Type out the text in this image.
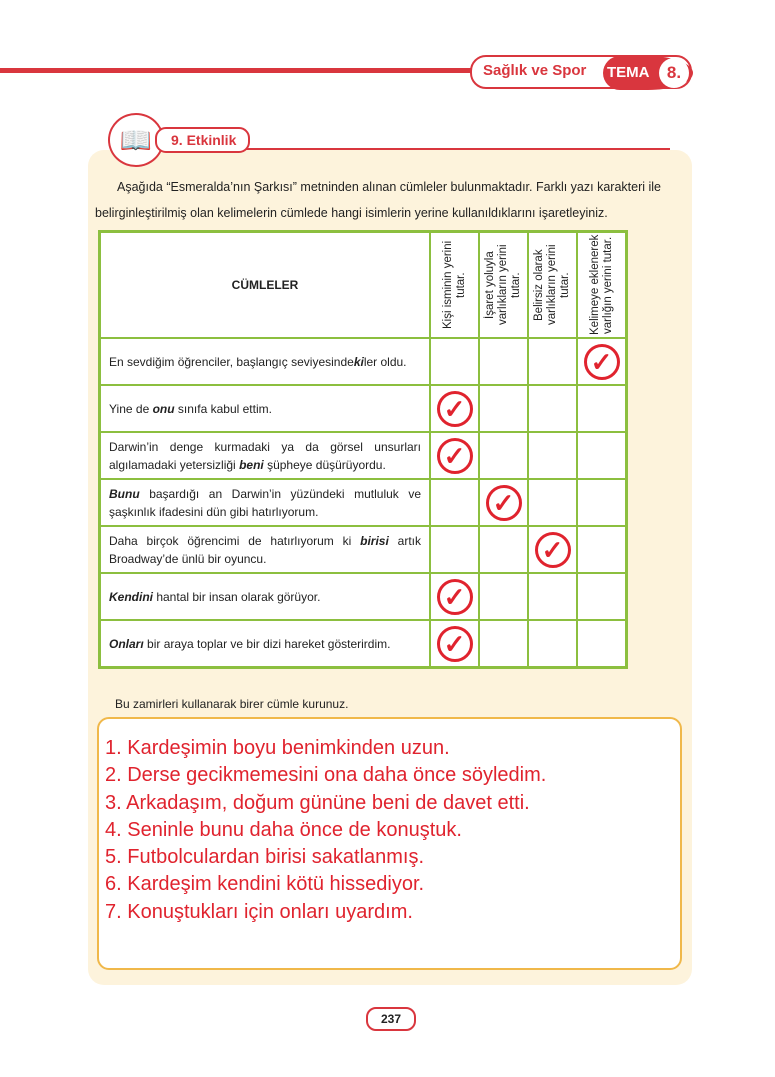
Sağlık ve Spor TEMA	8.
📖	9. Etkinlik
Aşağıda “Esmeralda’nın Şarkısı” metninden alınan cümleler bulunmaktadır. Farklı yazı karakteri ile belirginleştirilmiş olan kelimelerin cümlede hangi isimlerin yerine kullanıldıklarını işaretleyiniz.
CÜMLELER	Kişi isminin yerini tutar.	İşaret yoluyla varlıkların yerini tutar.	Belirsiz olarak varlıkların yerini tutar.	Kelimeye eklenerek varlığın yerini tutar.

En sevdiğim öğrenciler, başlangıç seviyesindekiler oldu.				✓
Yine de onu sınıfa kabul ettim.	✓			
Darwin’in denge kurmadaki ya da görsel unsurları algılamadaki yetersizliği beni şüpheye düşürüyordu.	✓			
Bunu başardığı an Darwin’in yüzündeki mutluluk ve şaşkınlık ifadesini dün gibi hatırlıyorum.		✓		
Daha birçok öğrencimi de hatırlıyorum ki birisi artık Broadway’de ünlü bir oyuncu.			✓	
Kendini hantal bir insan olarak görüyor.	✓			
Onları bir araya toplar ve bir dizi hareket gösterirdim.	✓			
Bu zamirleri kullanarak birer cümle kurunuz.
1. Kardeşimin boyu benimkinden uzun.
2. Derse gecikmemesini ona daha önce söyledim.
3. Arkadaşım, doğum gününe beni de davet etti.
4. Seninle bunu daha önce de konuştuk.
5. Futbolculardan birisi sakatlanmış.
6. Kardeşim kendini kötü hissediyor.
7. Konuştukları için onları uyardım.
237
